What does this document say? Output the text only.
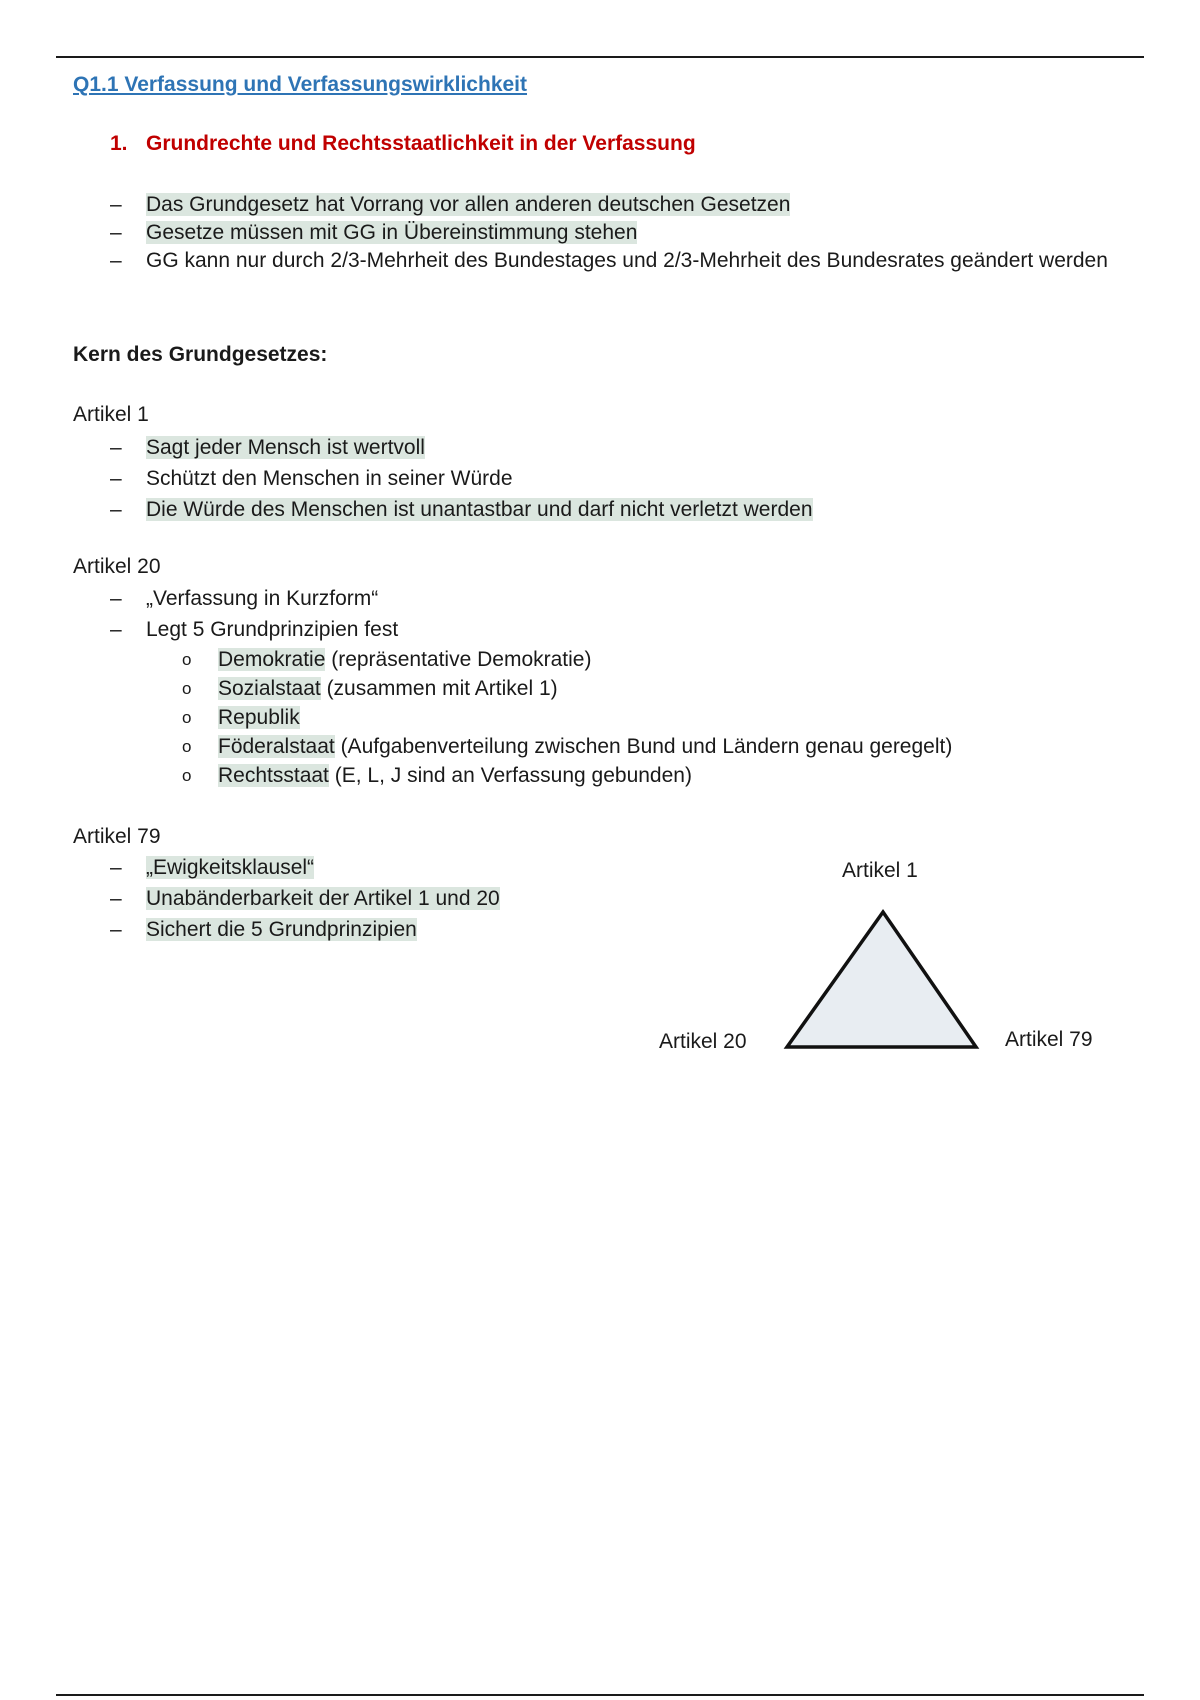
Q1.1 Verfassung und Verfassungswirklichkeit
1. Grundrechte und Rechtsstaatlichkeit in der Verfassung
– Das Grundgesetz hat Vorrang vor allen anderen deutschen Gesetzen
– Gesetze müssen mit GG in Übereinstimmung stehen
– GG kann nur durch 2/3-Mehrheit des Bundestages und 2/3-Mehrheit des Bundesrates geändert werden
Kern des Grundgesetzes:
Artikel 1
– Sagt jeder Mensch ist wertvoll
– Schützt den Menschen in seiner Würde
– Die Würde des Menschen ist unantastbar und darf nicht verletzt werden
Artikel 20
– „Verfassung in Kurzform“
– Legt 5 Grundprinzipien fest
o Demokratie (repräsentative Demokratie)
o Sozialstaat (zusammen mit Artikel 1)
o Republik
o Föderalstaat (Aufgabenverteilung zwischen Bund und Ländern genau geregelt)
o Rechtsstaat (E, L, J sind an Verfassung gebunden)
Artikel 79
– „Ewigkeitsklausel“
– Unabänderbarkeit der Artikel 1 und 20
– Sichert die 5 Grundprinzipien
Artikel 1
Artikel 20	Artikel 79
